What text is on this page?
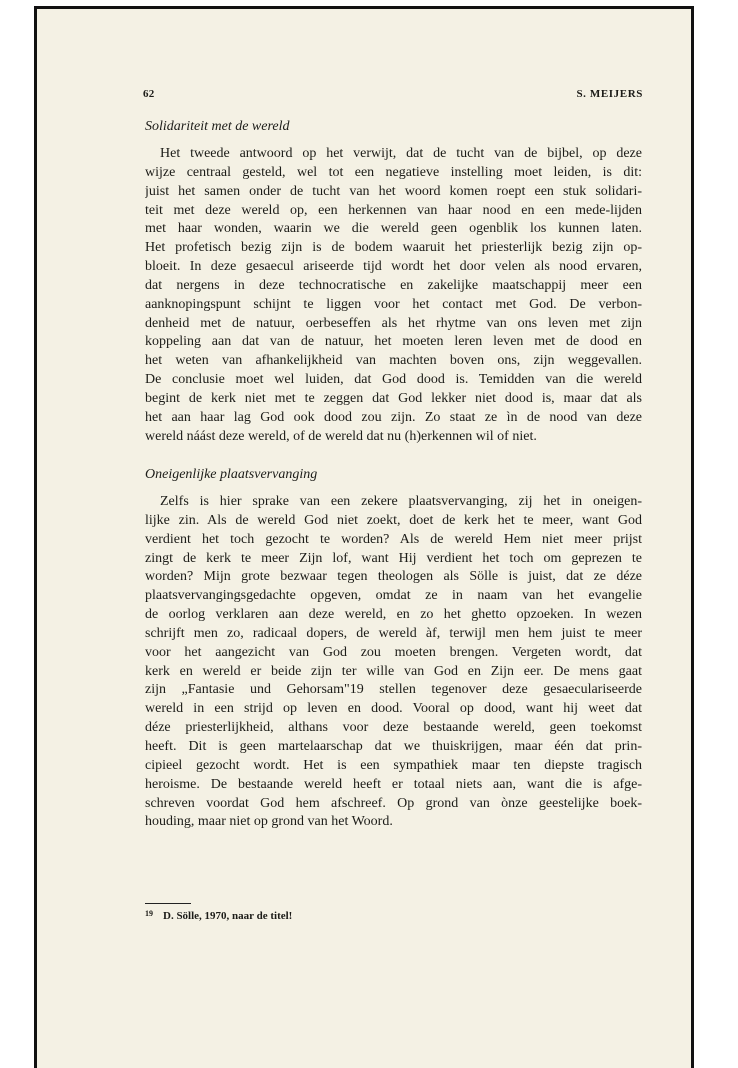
62	S. MEIJERS
Solidariteit met de wereld
Het tweede antwoord op het verwijt, dat de tucht van de bijbel, op deze
wijze centraal gesteld, wel tot een negatieve instelling moet leiden, is dit:
juist het samen onder de tucht van het woord komen roept een stuk solidari-
teit met deze wereld op, een herkennen van haar nood en een mede-lijden
met haar wonden, waarin we die wereld geen ogenblik los kunnen laten.
Het profetisch bezig zijn is de bodem waaruit het priesterlijk bezig zijn op-
bloeit. In deze gesaecul ariseerde tijd wordt het door velen als nood ervaren,
dat nergens in deze technocratische en zakelijke maatschappij meer een
aanknopingspunt schijnt te liggen voor het contact met God. De verbon-
denheid met de natuur, oerbeseffen als het rhytme van ons leven met zijn
koppeling aan dat van de natuur, het moeten leren leven met de dood en
het weten van afhankelijkheid van machten boven ons, zijn weggevallen.
De conclusie moet wel luiden, dat God dood is. Temidden van die wereld
begint de kerk niet met te zeggen dat God lekker niet dood is, maar dat als
het aan haar lag God ook dood zou zijn. Zo staat ze ìn de nood van deze
wereld náást deze wereld, of de wereld dat nu (h)erkennen wil of niet.
Oneigenlijke plaatsvervanging
Zelfs is hier sprake van een zekere plaatsvervanging, zij het in oneigen-
lijke zin. Als de wereld God niet zoekt, doet de kerk het te meer, want God
verdient het toch gezocht te worden? Als de wereld Hem niet meer prijst
zingt de kerk te meer Zijn lof, want Hij verdient het toch om geprezen te
worden? Mijn grote bezwaar tegen theologen als Sölle is juist, dat ze déze
plaatsvervangingsgedachte opgeven, omdat ze in naam van het evangelie
de oorlog verklaren aan deze wereld, en zo het ghetto opzoeken. In wezen
schrijft men zo, radicaal dopers, de wereld àf, terwijl men hem juist te meer
voor het aangezicht van God zou moeten brengen. Vergeten wordt, dat
kerk en wereld er beide zijn ter wille van God en Zijn eer. De mens gaat
zijn „Fantasie und Gehorsam"19 stellen tegenover deze gesaeculariseerde
wereld in een strijd op leven en dood. Vooral op dood, want hij weet dat
déze priesterlijkheid, althans voor deze bestaande wereld, geen toekomst
heeft. Dit is geen martelaarschap dat we thuiskrijgen, maar één dat prin-
cipieel gezocht wordt. Het is een sympathiek maar ten diepste tragisch
heroisme. De bestaande wereld heeft er totaal niets aan, want die is afge-
schreven voordat God hem afschreef. Op grond van ònze geestelijke boek-
houding, maar niet op grond van het Woord.
$^{19}$ D. Sölle, 1970, naar de titel!
